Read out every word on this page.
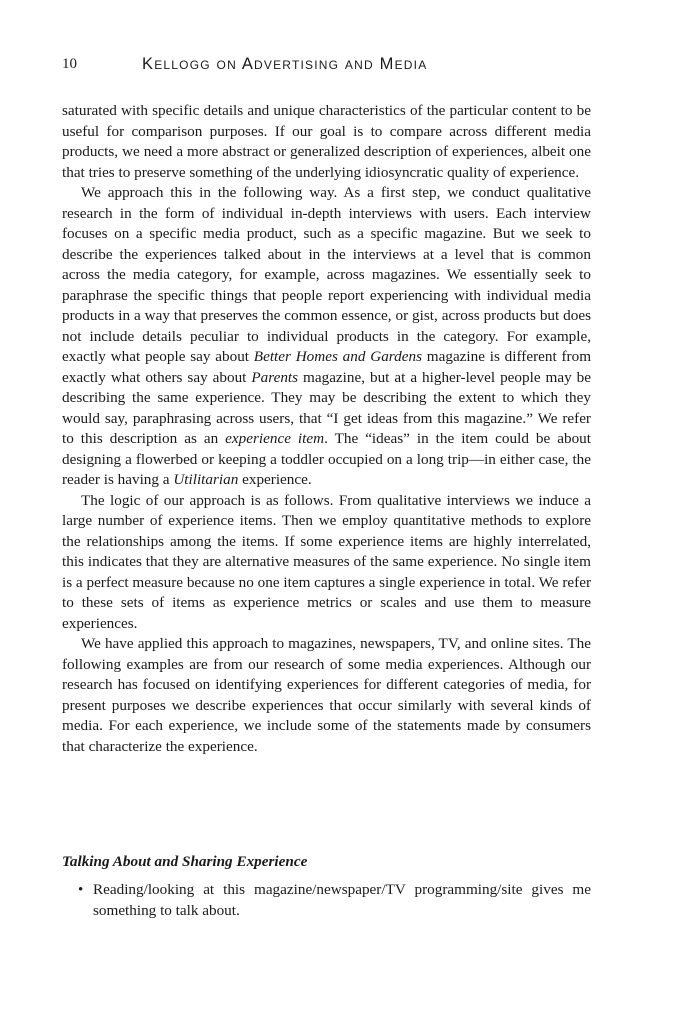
10	Kellogg on Advertising and Media

saturated with specific details and unique characteristics of the particular content to be useful for comparison purposes. If our goal is to compare across different media products, we need a more abstract or generalized description of experiences, albeit one that tries to preserve something of the underlying idiosyncratic quality of experience.

We approach this in the following way. As a first step, we conduct qualitative research in the form of individual in-depth interviews with users. Each interview focuses on a specific media product, such as a specific magazine. But we seek to describe the experiences talked about in the interviews at a level that is common across the media category, for example, across magazines. We essentially seek to paraphrase the specific things that people report experiencing with individual media products in a way that preserves the common essence, or gist, across products but does not include details peculiar to individual products in the category. For example, exactly what people say about Better Homes and Gardens magazine is different from exactly what others say about Parents magazine, but at a higher-level people may be describing the same experience. They may be describing the extent to which they would say, paraphrasing across users, that “I get ideas from this magazine.” We refer to this description as an experience item. The “ideas” in the item could be about designing a flowerbed or keeping a toddler occupied on a long trip—in either case, the reader is having a Utilitarian experience.

The logic of our approach is as follows. From qualitative interviews we induce a large number of experience items. Then we employ quantitative methods to explore the relationships among the items. If some experience items are highly interrelated, this indicates that they are alternative measures of the same experience. No single item is a perfect measure because no one item captures a single experience in total. We refer to these sets of items as experience metrics or scales and use them to measure experiences.

We have applied this approach to magazines, newspapers, TV, and online sites. The following examples are from our research of some media experiences. Although our research has focused on identifying experiences for different categories of media, for present purposes we describe experiences that occur similarly with several kinds of media. For each experience, we include some of the statements made by consumers that characterize the experience.

Talking About and Sharing Experience
• Reading/looking at this magazine/newspaper/TV programming/site gives me something to talk about.
